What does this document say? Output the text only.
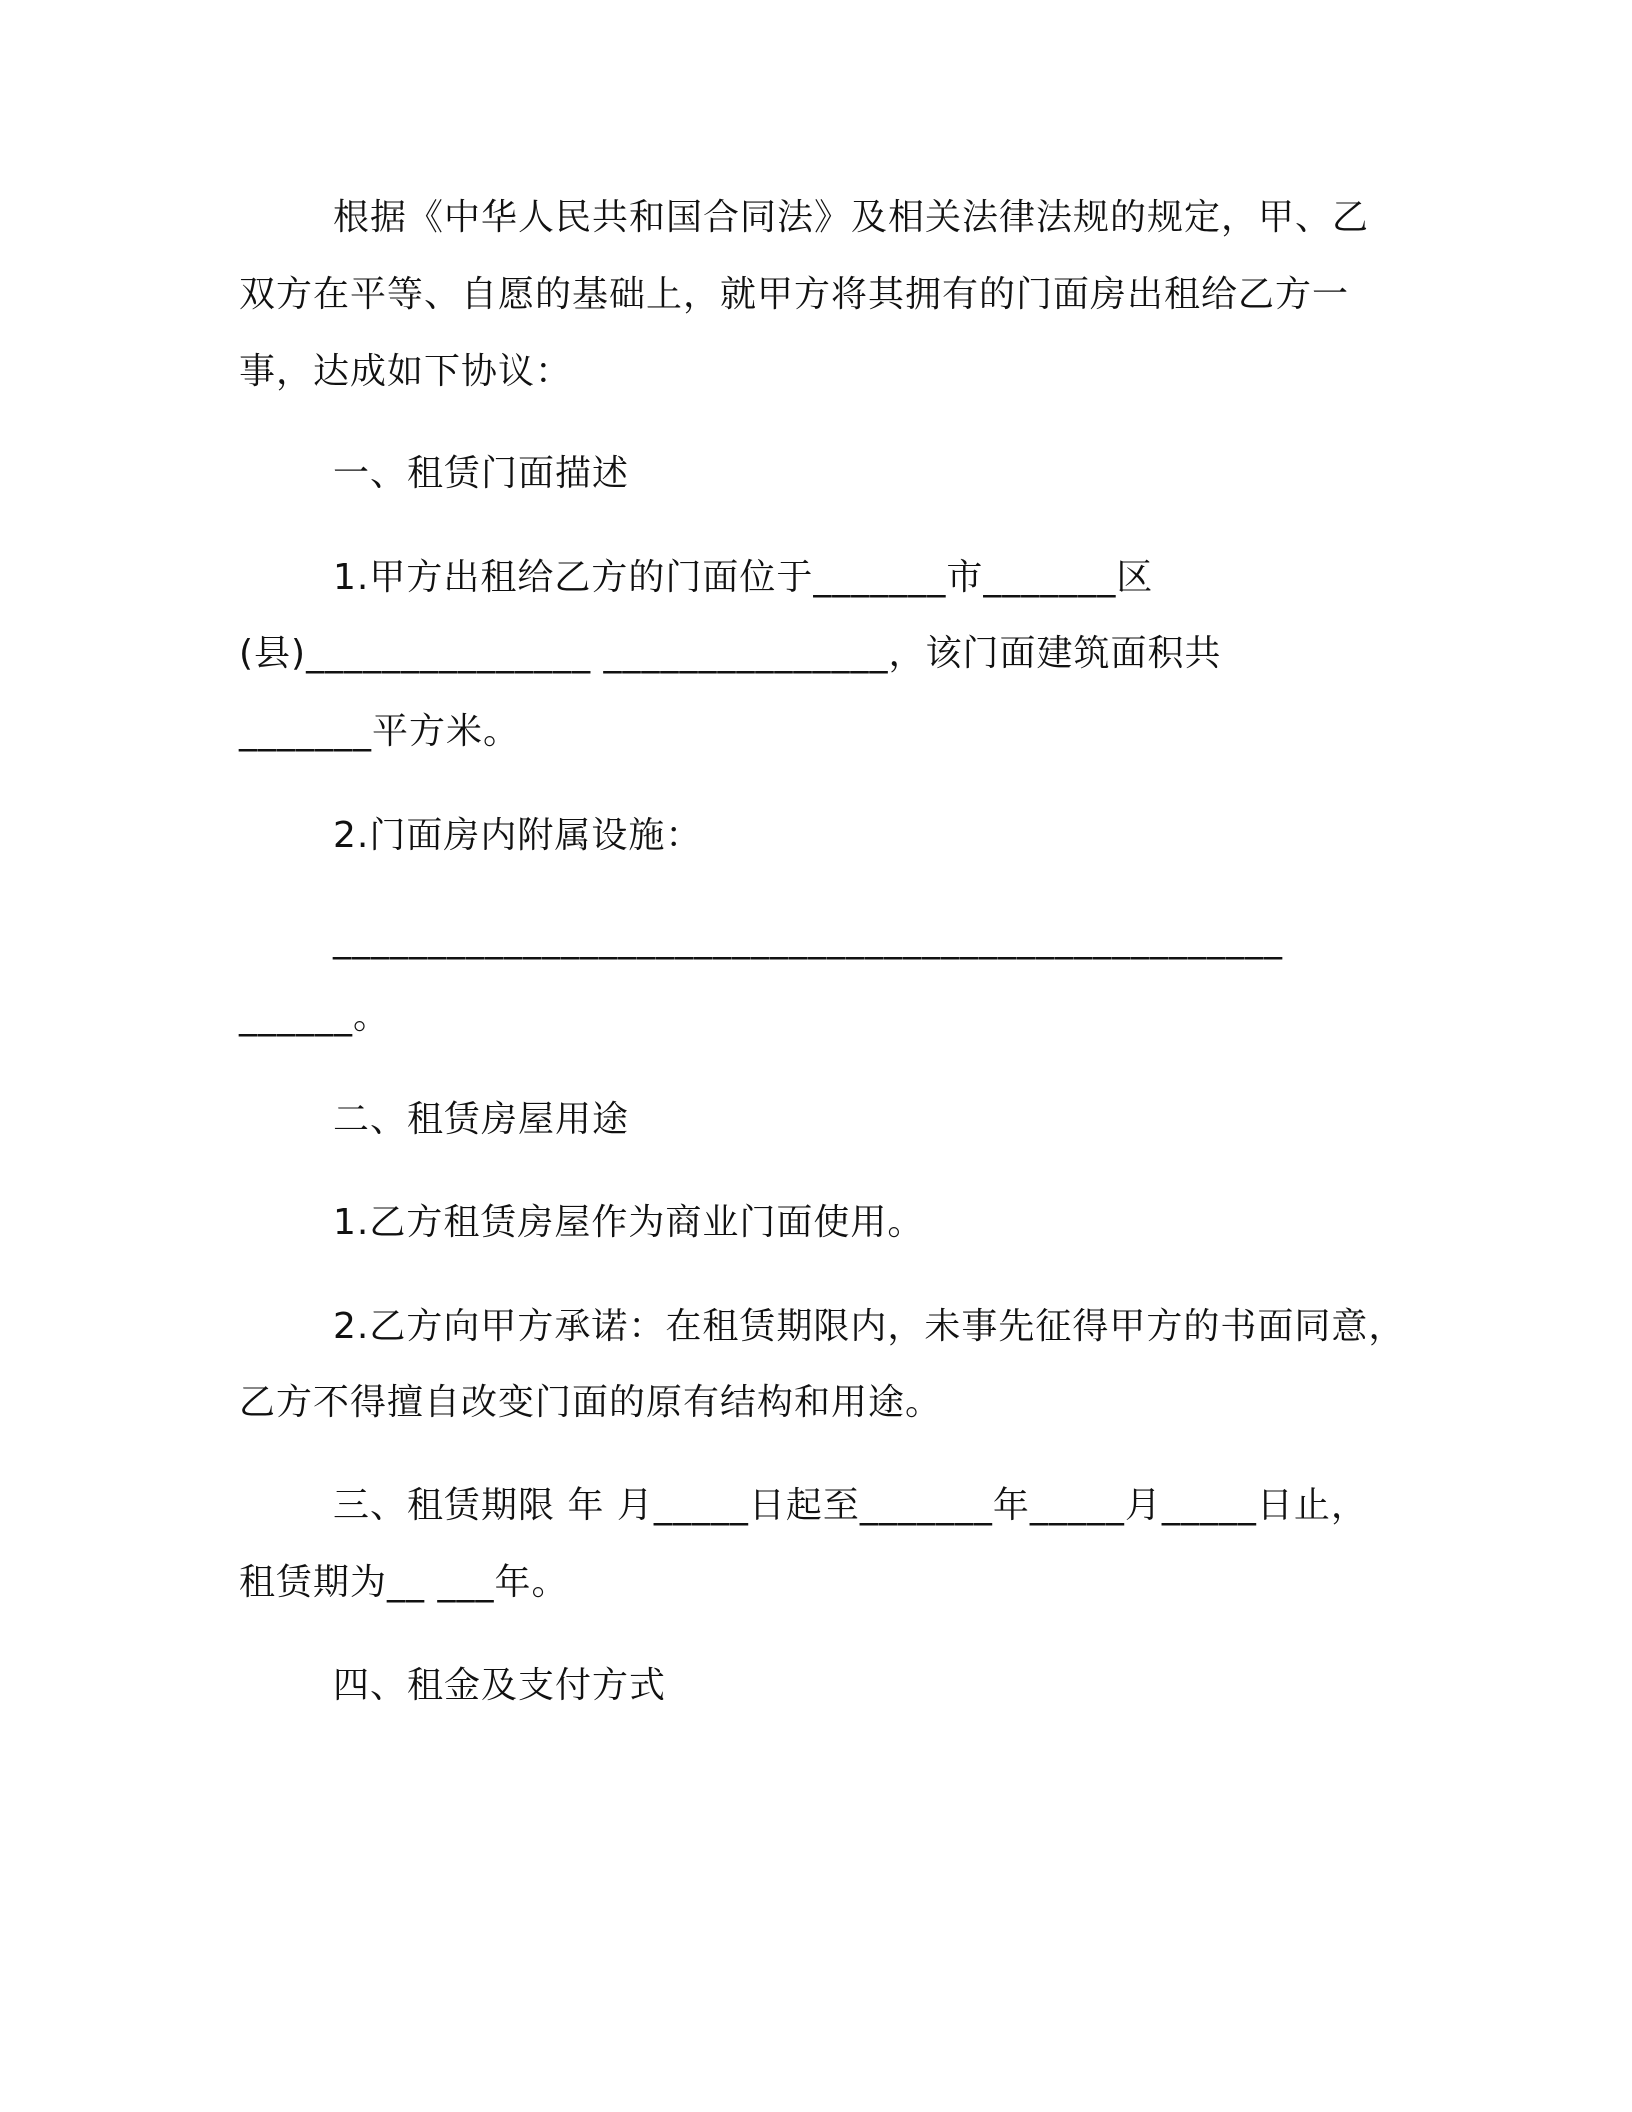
根据《中华人民共和国合同法》及相关法律法规的规定，甲、乙
双方在平等、自愿的基础上，就甲方将其拥有的门面房出租给乙方一
事，达成如下协议：
一、租赁门面描述
1.甲方出租给乙方的门面位于_______市_______区
(县)_______________ _______________，该门面建筑面积共
_______平方米。
2.门面房内附属设施：
__________________________________________________
______。
二、租赁房屋用途
1.乙方租赁房屋作为商业门面使用。
2.乙方向甲方承诺：在租赁期限内，未事先征得甲方的书面同意，
乙方不得擅自改变门面的原有结构和用途。
三、租赁期限 年 月_____日起至_______年_____月_____日止，
租赁期为__ ___年。
四、租金及支付方式
